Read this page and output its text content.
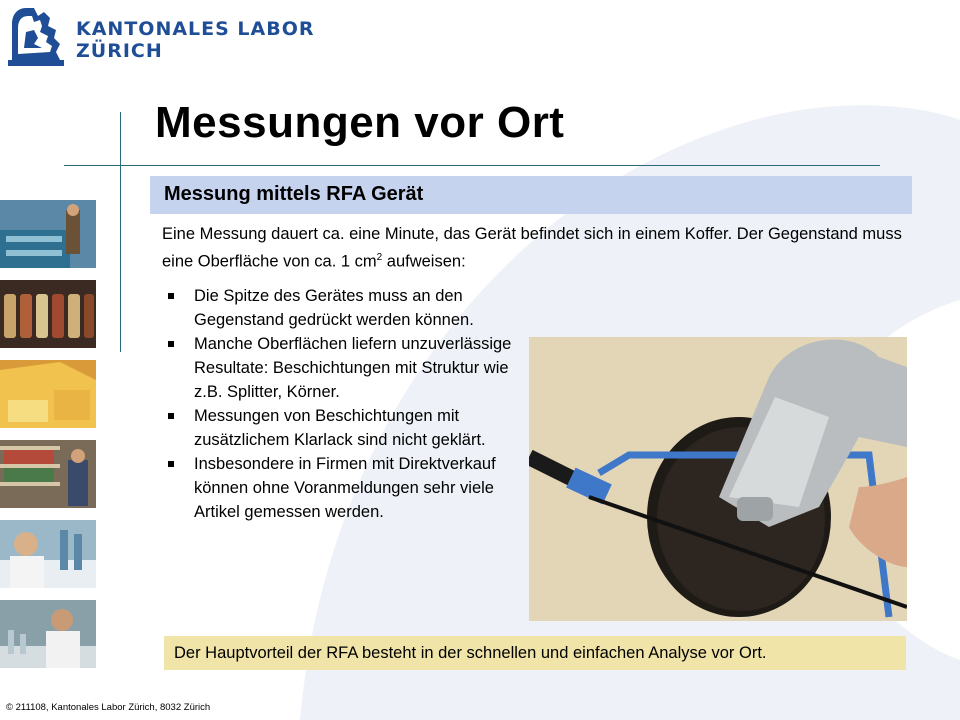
KANTONALES LABOR
ZÜRICH
Messungen vor Ort
Messung mittels RFA Gerät

Eine Messung dauert ca. eine Minute, das Gerät befindet sich in einem Koffer. Der Gegenstand muss eine Oberfläche von ca. 1 $cm^2$ aufweisen:

Die Spitze des Gerätes muss an den Gegenstand gedrückt werden können.
Manche Oberflächen liefern unzuverlässige Resultate: Beschichtungen mit Struktur wie z.B. Splitter, Körner.
Messungen von Beschichtungen mit zusätzlichem Klarlack sind nicht geklärt.
Insbesondere in Firmen mit Direktverkauf können ohne Voranmeldungen sehr viele Artikel gemessen werden.
Der Hauptvorteil der RFA besteht in der schnellen und einfachen Analyse vor Ort.
© 211108, Kantonales Labor Zürich, 8032 Zürich
